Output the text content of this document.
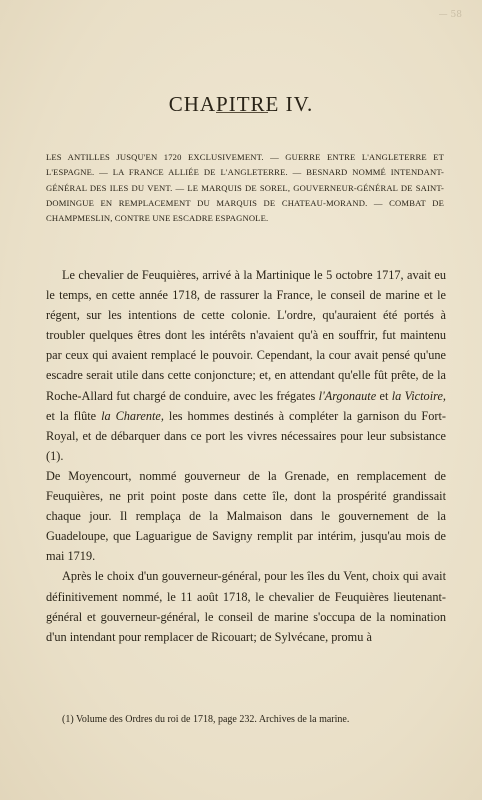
— 58
CHAPITRE IV.
LES ANTILLES JUSQU'EN 1720 EXCLUSIVEMENT. — GUERRE ENTRE L'ANGLETERRE ET L'ESPAGNE. — LA FRANCE ALLIÉE DE L'ANGLETERRE. — BESNARD NOMMÉ INTENDANT-GÉNÉRAL DES ILES DU VENT. — LE MARQUIS DE SOREL, GOUVERNEUR-GÉNÉRAL DE SAINT-DOMINGUE EN REMPLACEMENT DU MARQUIS DE CHATEAU-MORAND. — COMBAT DE CHAMPMESLIN, CONTRE UNE ESCADRE ESPAGNOLE.

Le chevalier de Feuquières, arrivé à la Martinique le 5 octobre 1717, avait eu le temps, en cette année 1718, de rassurer la France, le conseil de marine et le régent, sur les intentions de cette colonie. L'ordre, qu'auraient été portés à troubler quelques êtres dont les intérêts n'avaient qu'à en souffrir, fut maintenu par ceux qui avaient remplacé le pouvoir. Cependant, la cour avait pensé qu'une escadre serait utile dans cette conjoncture; et, en attendant qu'elle fût prête, de la Roche-Allard fut chargé de conduire, avec les frégates l'Argonaute et la Victoire, et la flûte la Charente, les hommes destinés à compléter la garnison du Fort-Royal, et de débarquer dans ce port les vivres nécessaires pour leur subsistance (1).

De Moyencourt, nommé gouverneur de la Grenade, en remplacement de Feuquières, ne prit point poste dans cette île, dont la prospérité grandissait chaque jour. Il remplaça de la Malmaison dans le gouvernement de la Guadeloupe, que Laguarigue de Savigny remplit par intérim, jusqu'au mois de mai 1719.

Après le choix d'un gouverneur-général, pour les îles du Vent, choix qui avait définitivement nommé, le 11 août 1718, le chevalier de Feuquières lieutenant-général et gouverneur-général, le conseil de marine s'occupa de la nomination d'un intendant pour remplacer de Ricouart; de Sylvécane, promu à

(1) Volume des Ordres du roi de 1718, page 232. Archives de la marine.
